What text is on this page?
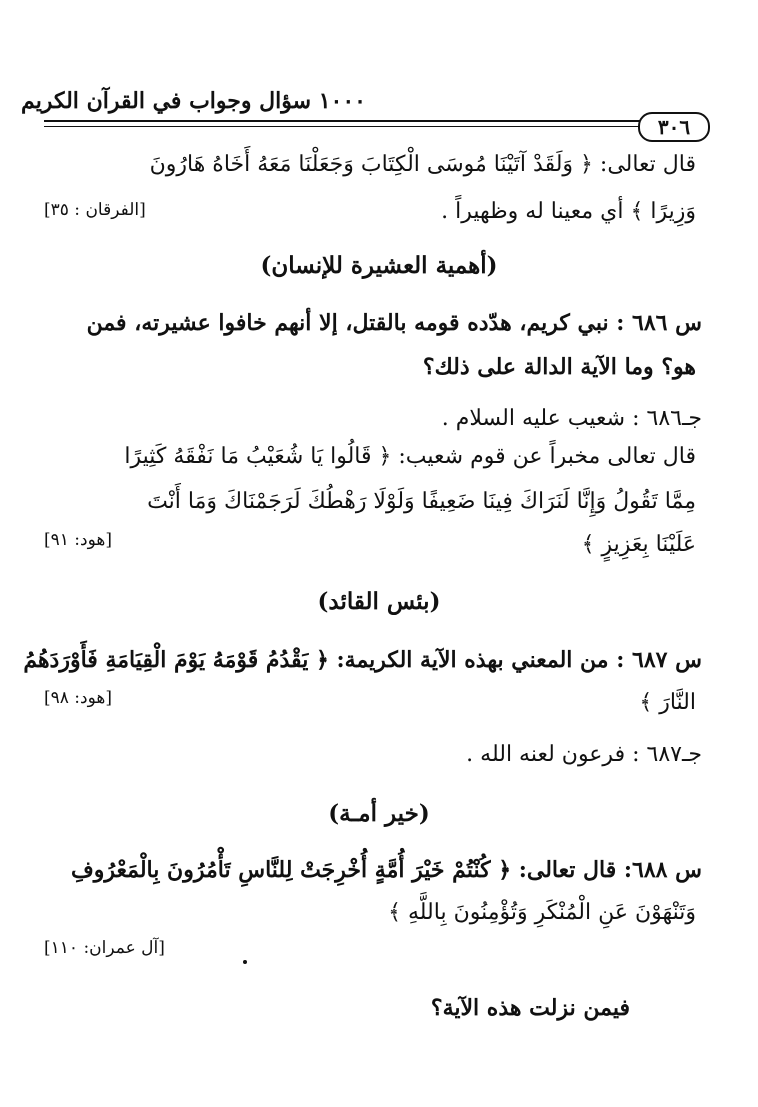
١٠٠٠ سؤال وجواب في القرآن الكريم
٣٠٦
قال تعالى: ﴿ وَلَقَدْ آتَيْنَا مُوسَى الْكِتَابَ وَجَعَلْنَا مَعَهُ أَخَاهُ هَارُونَ
وَزِيرًا ﴾ أي معينا له وظهيراً .
[الفرقان : ٣٥]
(أهمية العشيرة للإنسان)
س ٦٨٦ : نبي كريم، هدّده قومه بالقتل، إلا أنهم خافوا عشيرته، فمن
هو؟ وما الآية الدالة على ذلك؟
جـ٦٨٦ : شعيب عليه السلام .
قال تعالى مخبراً عن قوم شعيب: ﴿ قَالُوا يَا شُعَيْبُ مَا نَفْقَهُ كَثِيرًا
مِمَّا تَقُولُ وَإِنَّا لَنَرَاكَ فِينَا ضَعِيفًا وَلَوْلَا رَهْطُكَ لَرَجَمْنَاكَ وَمَا أَنْتَ
عَلَيْنَا بِعَزِيزٍ ﴾
[هود: ٩١]
(بئس القائد)
س ٦٨٧ : من المعني بهذه الآية الكريمة: ﴿ يَقْدُمُ قَوْمَهُ يَوْمَ الْقِيَامَةِ فَأَوْرَدَهُمُ
النَّارَ ﴾
[هود: ٩٨]
جـ٦٨٧ : فرعون لعنه الله .
(خير أمـة)
س ٦٨٨: قال تعالى: ﴿ كُنْتُمْ خَيْرَ أُمَّةٍ أُخْرِجَتْ لِلنَّاسِ تَأْمُرُونَ بِالْمَعْرُوفِ
وَتَنْهَوْنَ عَنِ الْمُنْكَرِ وَتُؤْمِنُونَ بِاللَّهِ ﴾
[آل عمران: ١١٠]
فيمن نزلت هذه الآية؟
